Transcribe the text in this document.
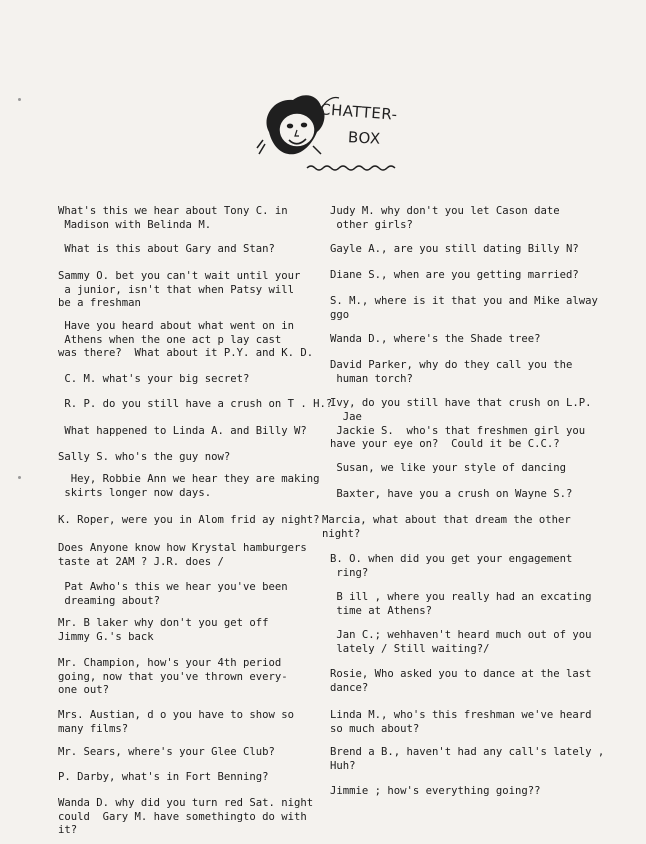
CHATTER-
BOX
What's this we hear about Tony C. in
Madison with Belinda M.
What is this about Gary and Stan?
Sammy O. bet you can't wait until your
a junior, isn't that when Patsy will
be a freshman
Have you heard about what went on in
Athens when the one act p lay cast
was there?  What about it P.Y. and K. D.
C. M. what's your big secret?
R. P. do you still have a crush on T . H.?
What happened to Linda A. and Billy W?
Sally S. who's the guy now?
Hey, Robbie Ann we hear they are making
skirts longer now days.
K. Roper, were you in Alom frid ay night?
Does Anyone know how Krystal hamburgers
taste at 2AM ? J.R. does /
Pat Awho's this we hear you've been
dreaming about?
Mr. B laker why don't you get off
Jimmy G.'s back
Mr. Champion, how's your 4th period
going, now that you've thrown every-
one out?
Mrs. Austian, d o you have to show so
many films?
Mr. Sears, where's your Glee Club?
P. Darby, what's in Fort Benning?
Wanda D. why did you turn red Sat. night
could  Gary M. have somethingto do with
it?
Judy M. why don't you let Cason date
other girls?
Gayle A., are you still dating Billy N?
Diane S., when are you getting married?
S. M., where is it that you and Mike alway
ggo
Wanda D., where's the Shade tree?
David Parker, why do they call you the
human torch?
Ivy, do you still have that crush on L.P.
Jae
Jackie S.  who's that freshmen girl you
have your eye on?  Could it be C.C.?
Susan, we like your style of dancing
Baxter, have you a crush on Wayne S.?
Marcia, what about that dream the other
night?
B. O. when did you get your engagement
ring?
B ill , where you really had an excating
time at Athens?
Jan C.; wehhaven't heard much out of you
lately / Still waiting?/
Rosie, Who asked you to dance at the last
dance?
Linda M., who's this freshman we've heard
so much about?
Brend a B., haven't had any call's lately ,
Huh?
Jimmie ; how's everything going??
